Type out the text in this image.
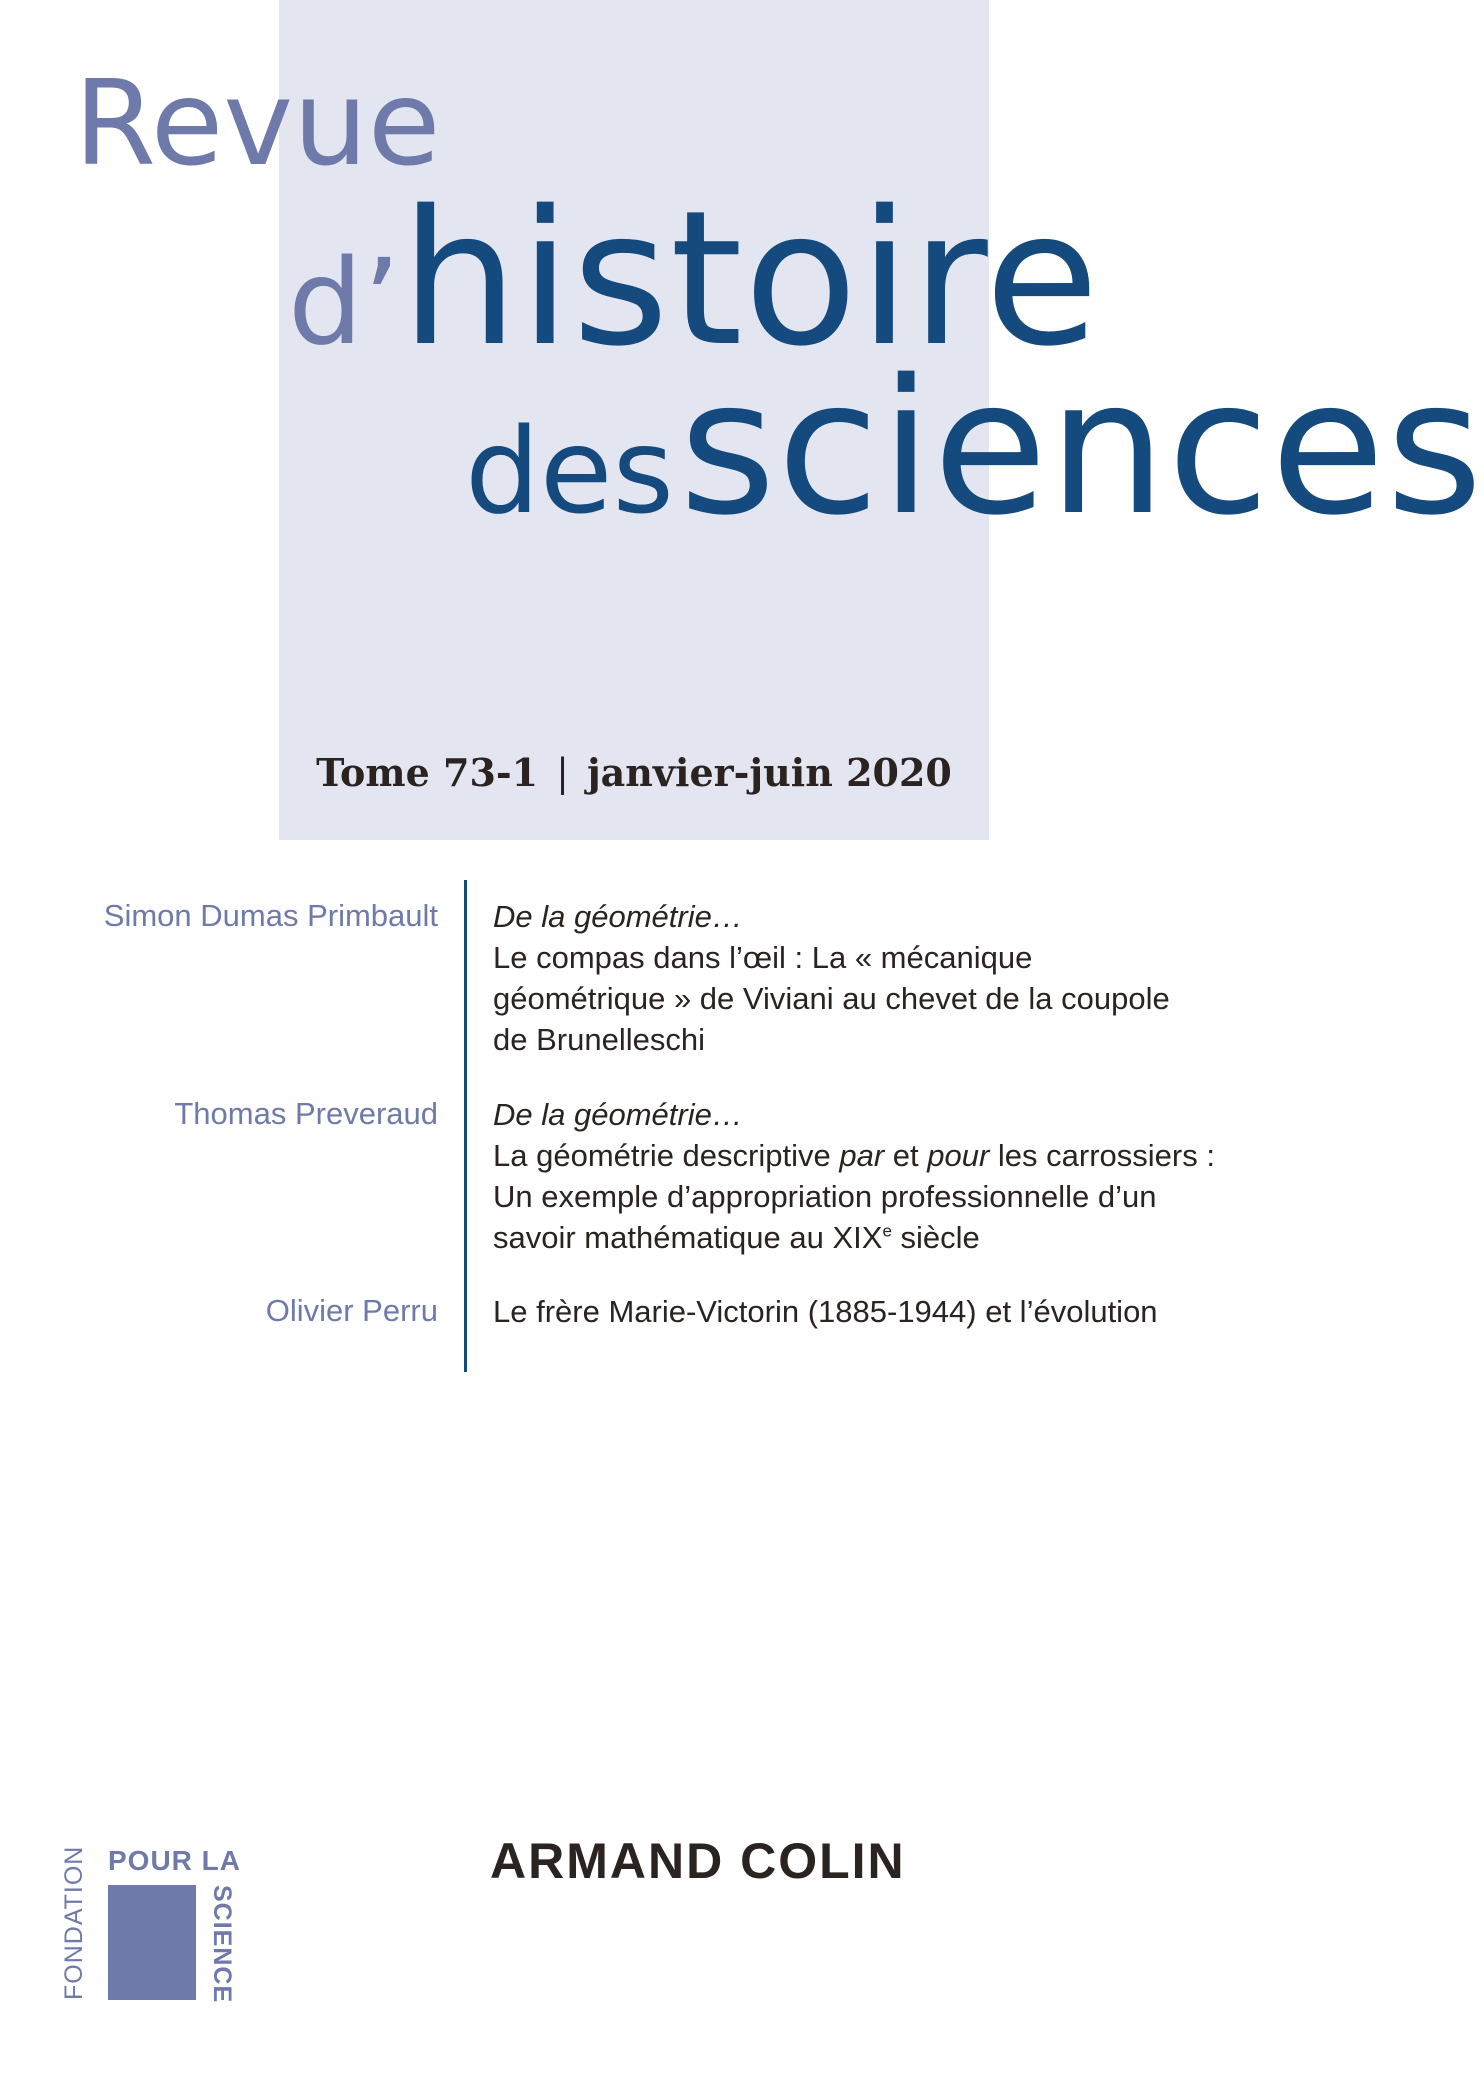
Revue
d’histoire
des sciences
Tome 73-1 | janvier-juin 2020
Simon Dumas Primbault De la géométrie…
Le compas dans l’œil : La « mécanique
géométrique » de Viviani au chevet de la coupole
de Brunelleschi
Thomas Preveraud De la géométrie…
La géométrie descriptive par et pour les carrossiers :
Un exemple d’appropriation professionnelle d’un
savoir mathématique au XIXe siècle
Olivier Perru Le frère Marie-Victorin (1885-1944) et l’évolution
ARMAND COLIN
POUR LA
FONDATION	SCIENCE
